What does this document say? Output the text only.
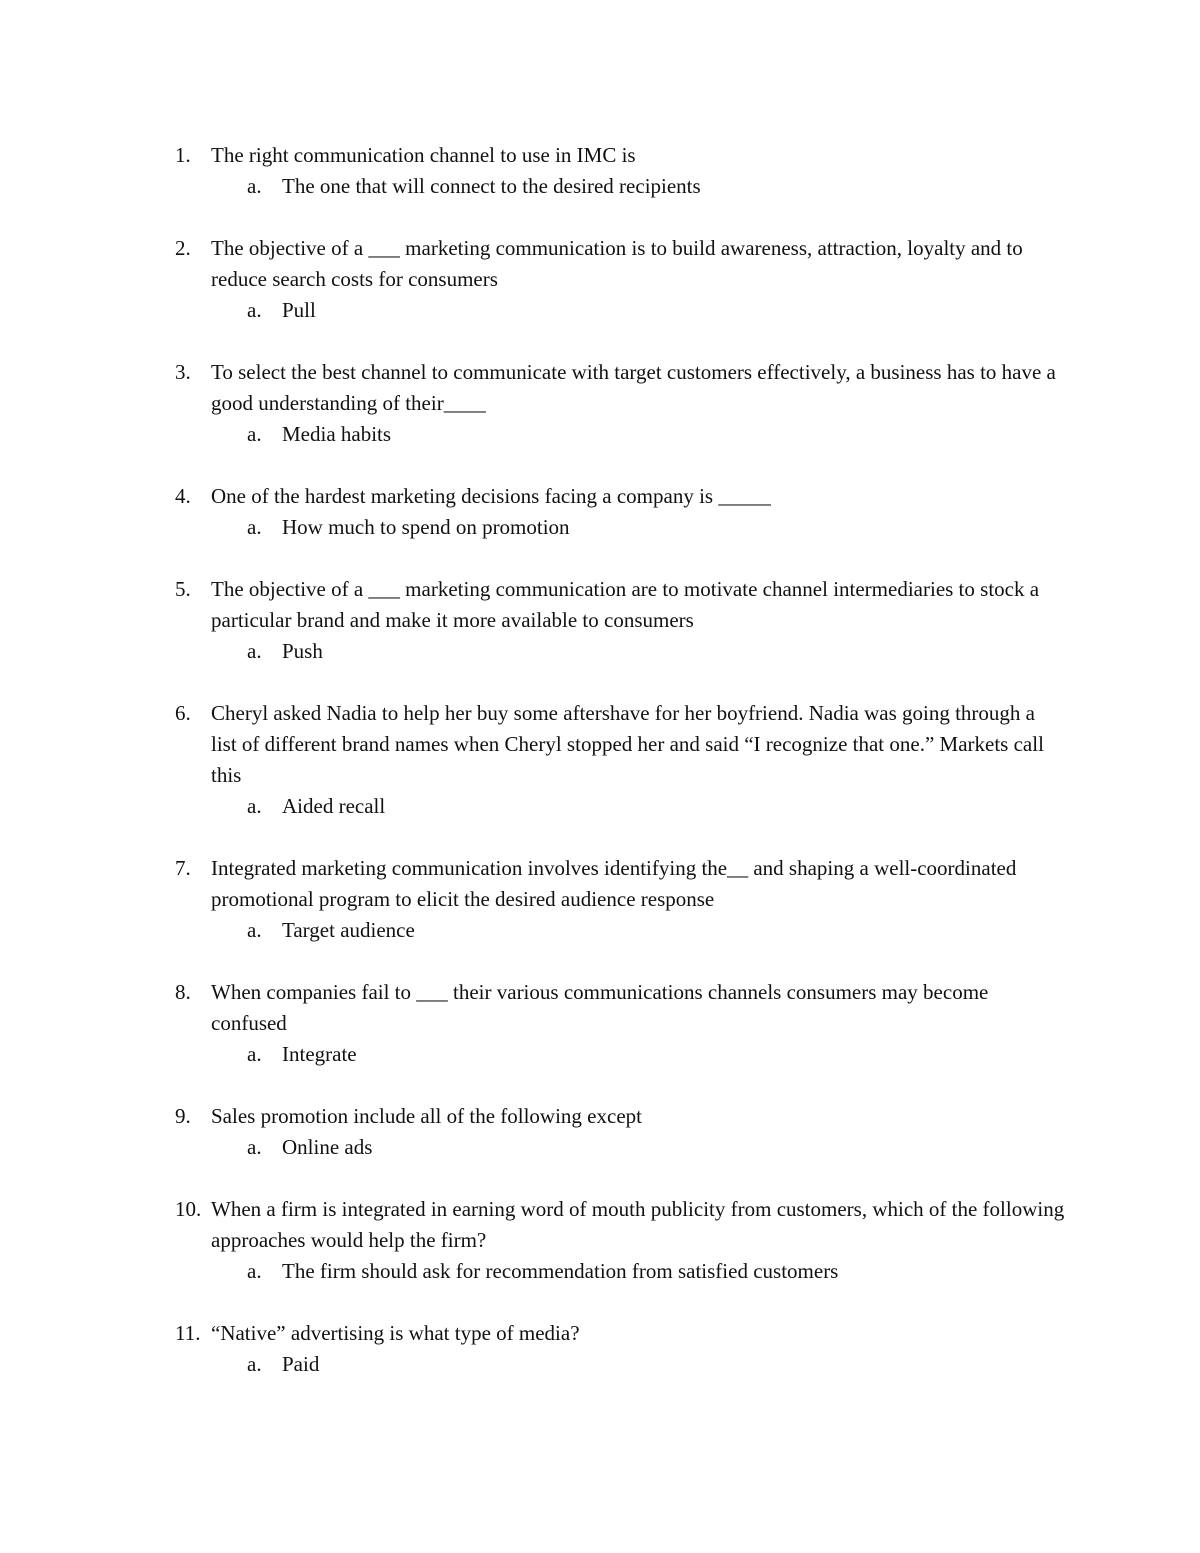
1. The right communication channel to use in IMC is
a. The one that will connect to the desired recipients
2. The objective of a ___ marketing communication is to build awareness, attraction, loyalty and to reduce search costs for consumers
a. Pull
3. To select the best channel to communicate with target customers effectively, a business has to have a good understanding of their____
a. Media habits
4. One of the hardest marketing decisions facing a company is _____
a. How much to spend on promotion
5. The objective of a ___ marketing communication are to motivate channel intermediaries to stock a particular brand and make it more available to consumers
a. Push
6. Cheryl asked Nadia to help her buy some aftershave for her boyfriend. Nadia was going through a list of different brand names when Cheryl stopped her and said “I recognize that one.” Markets call this
a. Aided recall
7. Integrated marketing communication involves identifying the__ and shaping a well-coordinated promotional program to elicit the desired audience response
a. Target audience
8. When companies fail to ___ their various communications channels consumers may become confused
a. Integrate
9. Sales promotion include all of the following except
a. Online ads
10. When a firm is integrated in earning word of mouth publicity from customers, which of the following approaches would help the firm?
a. The firm should ask for recommendation from satisfied customers
11. “Native” advertising is what type of media?
a. Paid
